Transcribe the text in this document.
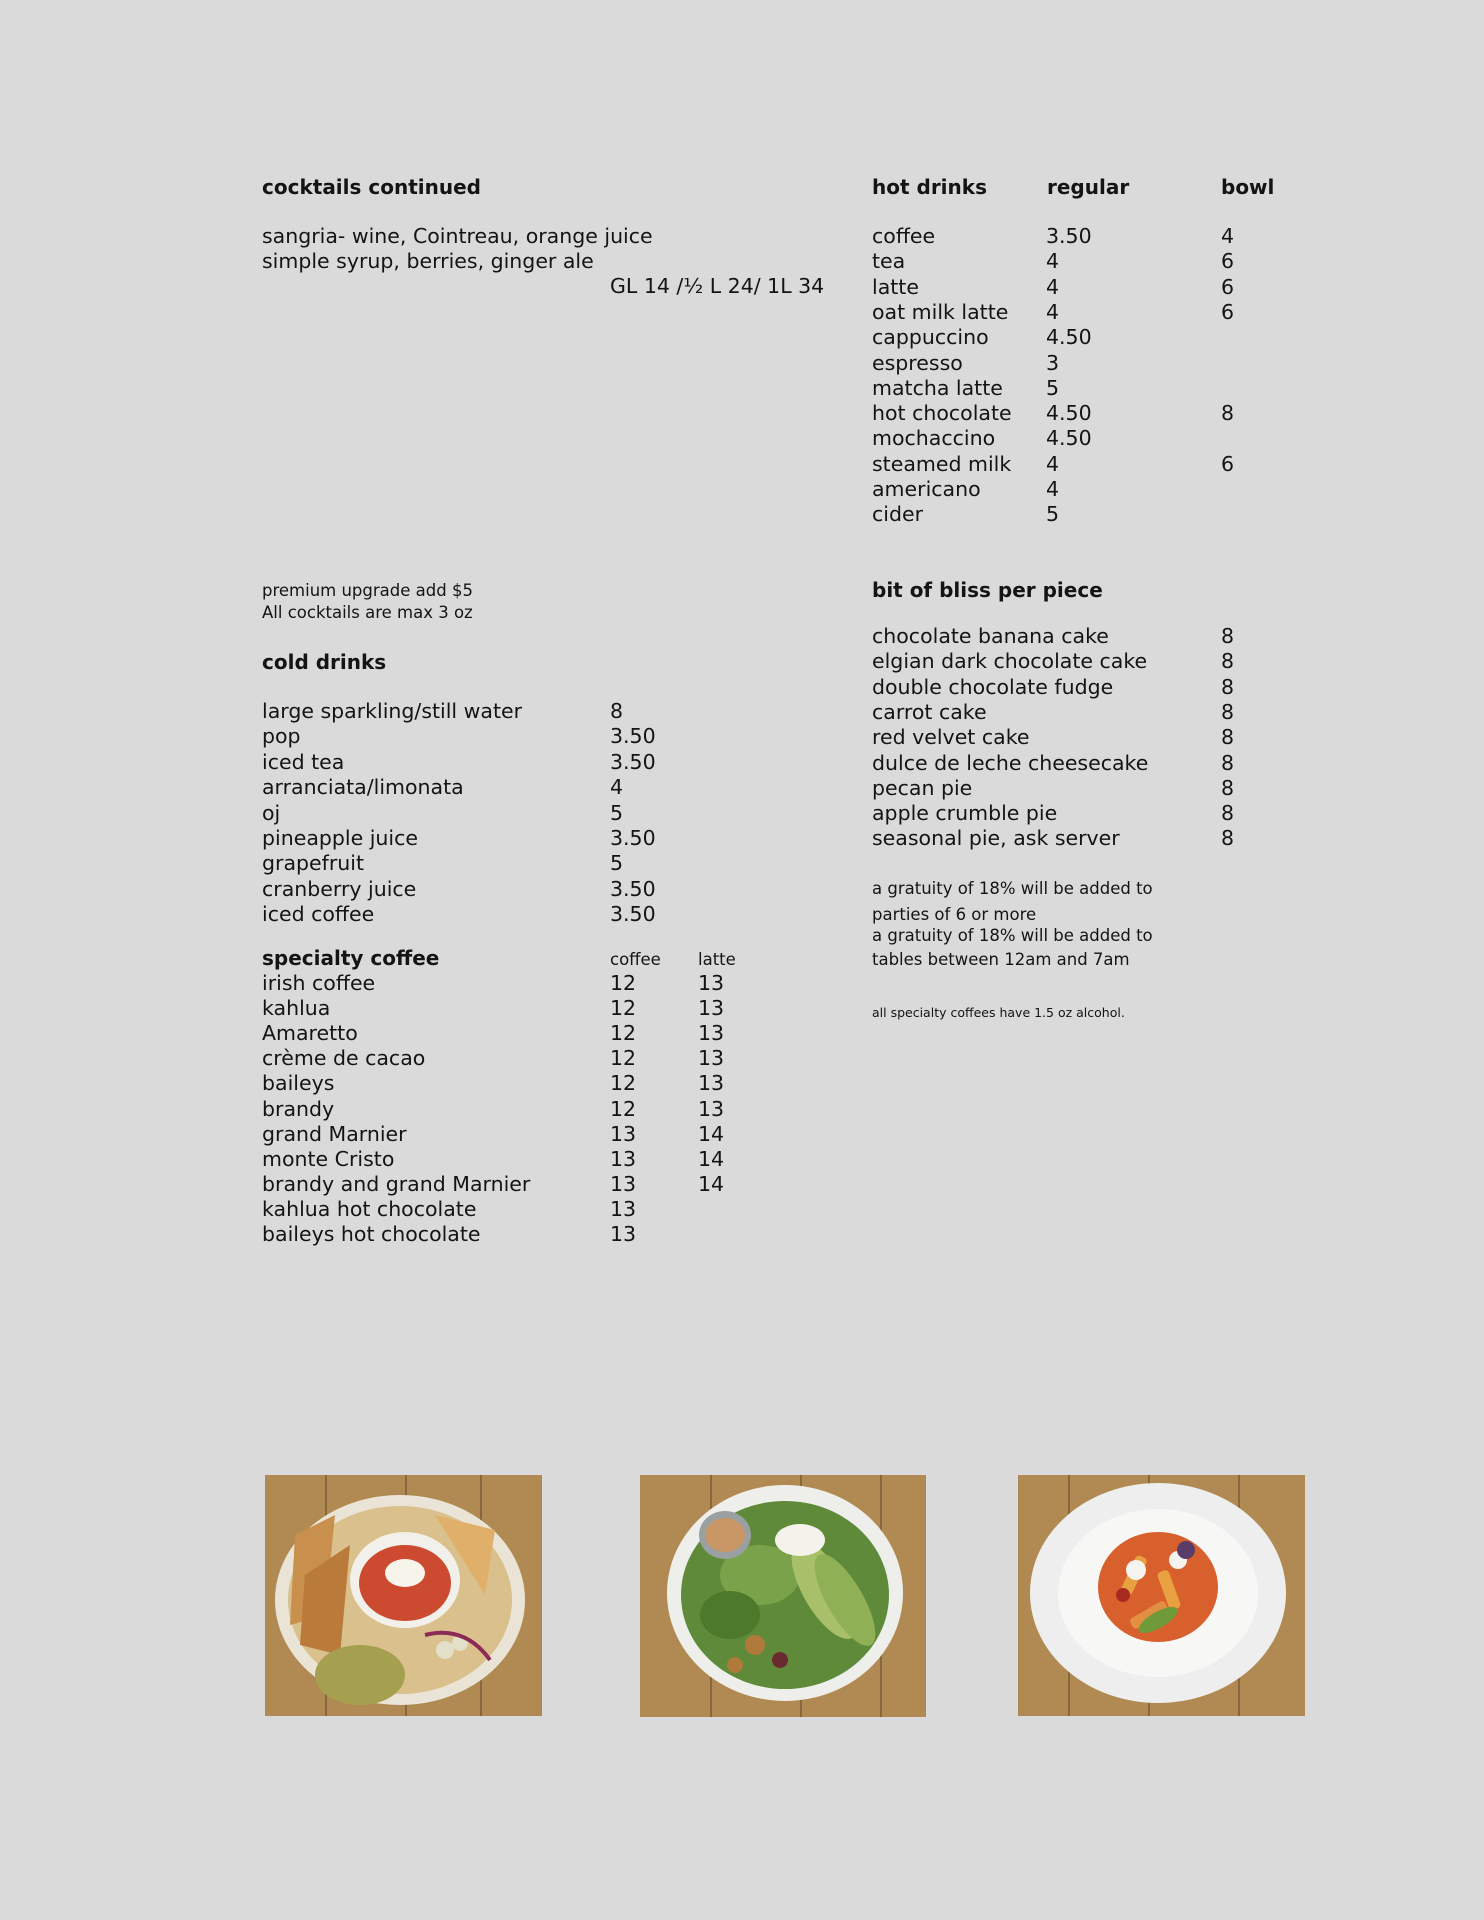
cocktails continued
sangria- wine, Cointreau, orange juice
simple syrup, berries, ginger ale
GL 14 /½ L 24/ 1L 34
premium upgrade add $5
All cocktails are max 3 oz
cold drinks
large sparkling/still water	8
pop	3.50
iced tea	3.50
arranciata/limonata	4
oj	5
pineapple juice	3.50
grapefruit	5
cranberry juice	3.50
iced coffee	3.50
specialty coffee	coffee latte
irish coffee	12	13
kahlua	12	13
Amaretto	12	13
crème de cacao	12	13
baileys	12	13
brandy	12	13
grand Marnier	13	14
monte Cristo	13	14
brandy and grand Marnier	13	14
kahlua hot chocolate	13
baileys hot chocolate	13
hot drinks	regular	bowl
coffee	3.50	4
tea	4	6
latte	4	6
oat milk latte 4	6
cappuccino	4.50
espresso	3
matcha latte 5
hot chocolate 4.50	8
mochaccino 4.50
steamed milk 4	6
americano	4
cider	5
bit of bliss per piece
chocolate banana cake	8
elgian dark chocolate cake	8
double chocolate fudge	8
carrot cake	8
red velvet cake	8
dulce de leche cheesecake	8
pecan pie	8
apple crumble pie	8
seasonal pie, ask server	8
a gratuity of 18% will be added to
parties of 6 or more
a gratuity of 18% will be added to
tables between 12am and 7am
all specialty coffees have 1.5 oz alcohol.
